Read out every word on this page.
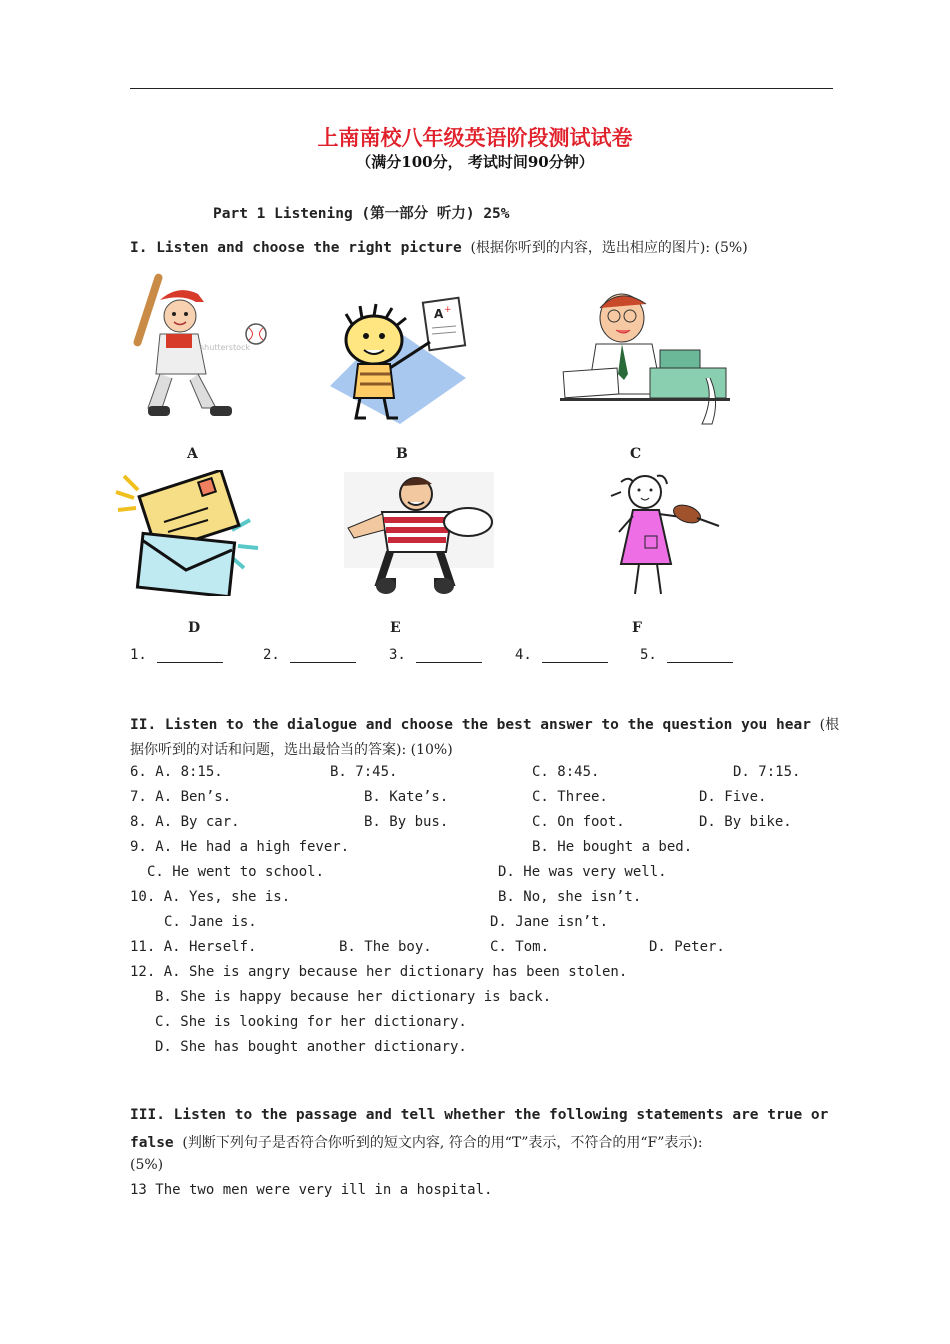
上南南校八年级英语阶段测试试卷
（满分100分， 考试时间90分钟）
Part 1 Listening (第一部分 听力) 25%
I. Listen and choose the right picture (根据你听到的内容，选出相应的图片): (5%)
shutterstock
A +
A	B	C
D	E	F
1.	2.	3.	4.	5.
II. Listen to the dialogue and choose the best answer to the question you hear (根
据你听到的对话和问题，选出最恰当的答案): (10%)
6. A. 8:15.	B. 7:45.	C. 8:45.	D. 7:15.
7. A. Ben’s.	B. Kate’s.	C. Three.	D. Five.
8. A. By car.	B. By bus.	C. On foot.	D. By bike.
9. A. He had a high fever.	B. He bought a bed.
C. He went to school.	D. He was very well.
10. A. Yes, she is.	B. No, she isn’t.
C. Jane is.	D. Jane isn’t.
11. A. Herself.	B. The boy.	C. Tom.	D. Peter.
12. A. She is angry because her dictionary has been stolen.
B. She is happy because her dictionary is back.
C. She is looking for her dictionary.
D. She has bought another dictionary.
III. Listen to the passage and tell whether the following statements are true or
false (判断下列句子是否符合你听到的短文内容, 符合的用“T”表示，不符合的用“F”表示):
(5%)
13 The two men were very ill in a hospital.
